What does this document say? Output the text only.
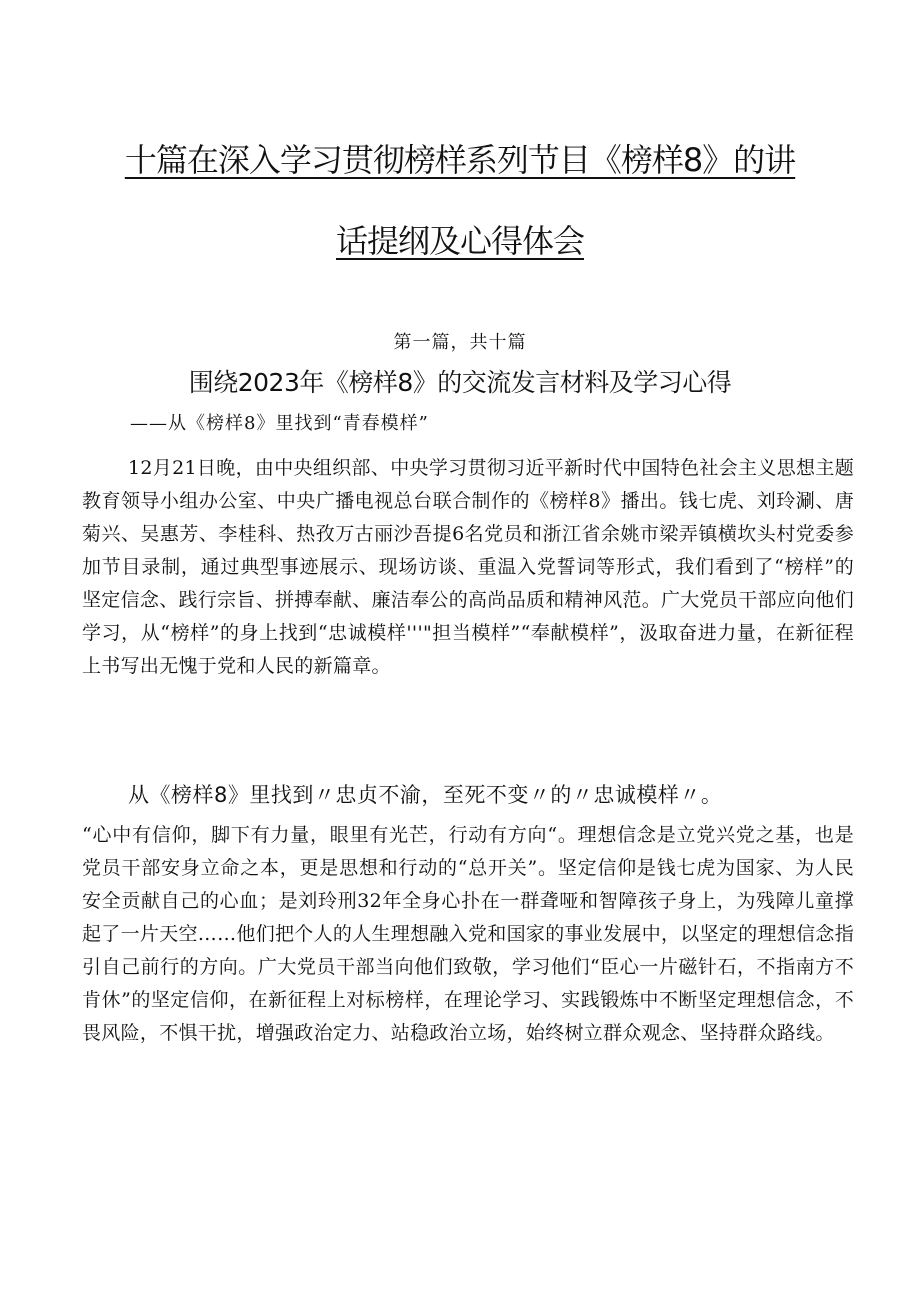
十篇在深入学习贯彻榜样系列节目《榜样8》的讲
话提纲及心得体会
第一篇，共十篇
围绕2023年《榜样8》的交流发言材料及学习心得
——从《榜样8》里找到“青春模样”

12月21日晚，由中央组织部、中央学习贯彻习近平新时代中国特色社会主义思想主题教育领导小组办公室、中央广播电视总台联合制作的《榜样8》播出。钱七虎、刘玲涮、唐菊兴、吴惠芳、李桂科、热孜万古丽沙吾提6名党员和浙江省余姚市梁弄镇横坎头村党委参加节目录制，通过典型事迹展示、现场访谈、重温入党誓词等形式，我们看到了“榜样”的坚定信念、践行宗旨、拼搏奉献、廉洁奉公的高尚品质和精神风范。广大党员干部应向他们学习，从“榜样”的身上找到“忠诚模样'''"担当模样”“奉献模样”，汲取奋进力量，在新征程上书写出无愧于党和人民的新篇章。

从《榜样8》里找到〃忠贞不渝，至死不变〃的〃忠诚模样〃。

“心中有信仰，脚下有力量，眼里有光芒，行动有方向“。理想信念是立党兴党之基，也是党员干部安身立命之本，更是思想和行动的“总开关”。坚定信仰是钱七虎为国家、为人民安全贡献自己的心血；是刘玲刑32年全身心扑在一群聋哑和智障孩子身上，为残障儿童撑起了一片天空……他们把个人的人生理想融入党和国家的事业发展中，以坚定的理想信念指引自己前行的方向。广大党员干部当向他们致敬，学习他们“臣心一片磁针石，不指南方不肯休”的坚定信仰，在新征程上对标榜样，在理论学习、实践锻炼中不断坚定理想信念，不畏风险，不惧干扰，增强政治定力、站稳政治立场，始终树立群众观念、坚持群众路线。
